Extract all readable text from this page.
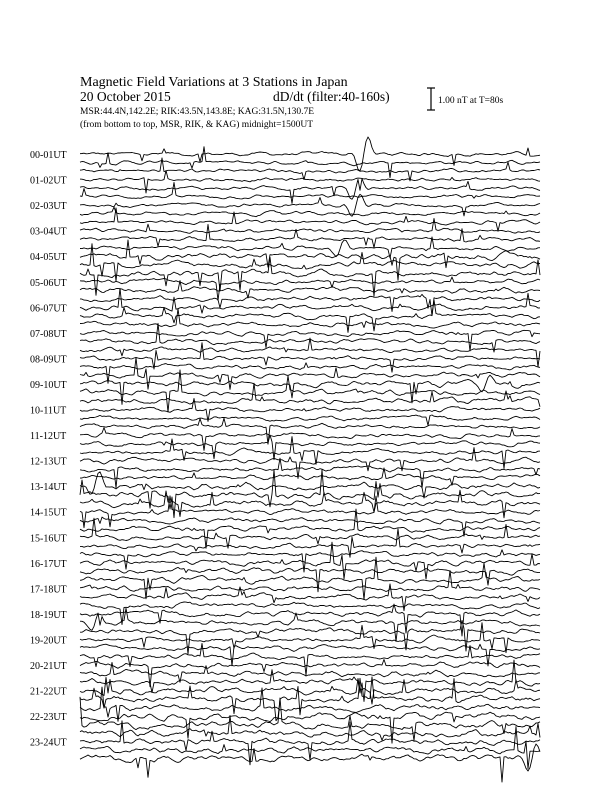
Magnetic Field Variations at 3 Stations in Japan
20 October 2015	dD/dt (filter:40-160s)
MSR:44.4N,142.2E; RIK:43.5N,143.8E; KAG:31.5N,130.7E
(from bottom to top, MSR, RIK, & KAG) midnight=1500UT
1.00 nT at T=80s
00-01UT
01-02UT
02-03UT
03-04UT
04-05UT
05-06UT
06-07UT
07-08UT
08-09UT
09-10UT
10-11UT
11-12UT
12-13UT
13-14UT
14-15UT
15-16UT
16-17UT
17-18UT
18-19UT
19-20UT
20-21UT
21-22UT
22-23UT
23-24UT
